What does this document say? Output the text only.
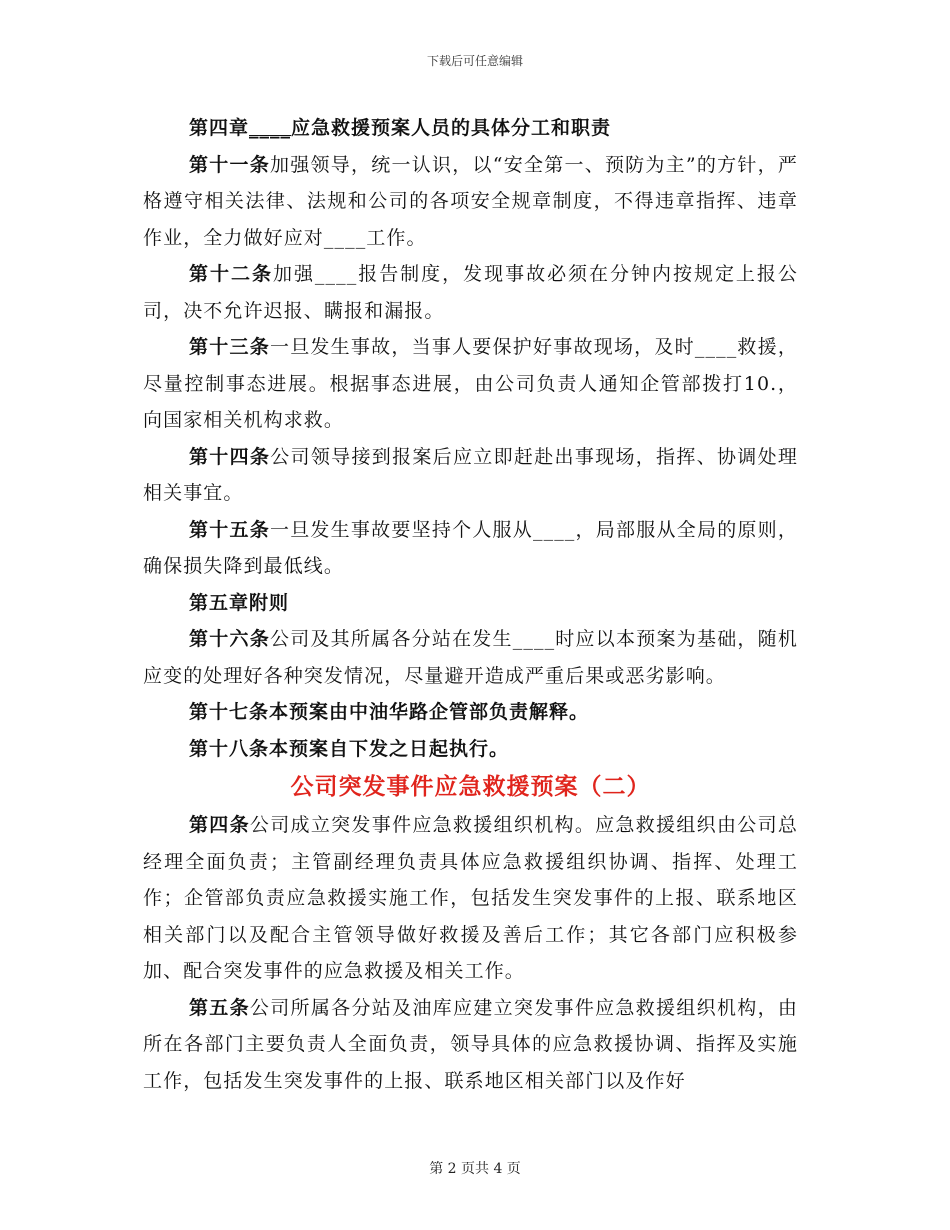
下载后可任意编辑

第四章____应急救援预案人员的具体分工和职责

第十一条加强领导，统一认识，以“安全第一、预防为主”的方针，严格遵守相关法律、法规和公司的各项安全规章制度，不得违章指挥、违章作业，全力做好应对____工作。

第十二条加强____报告制度，发现事故必须在分钟内按规定上报公司，决不允许迟报、瞒报和漏报。

第十三条一旦发生事故，当事人要保护好事故现场，及时____救援，尽量控制事态进展。根据事态进展，由公司负责人通知企管部拨打10.，向国家相关机构求救。

第十四条公司领导接到报案后应立即赶赴出事现场，指挥、协调处理相关事宜。

第十五条一旦发生事故要坚持个人服从____，局部服从全局的原则，确保损失降到最低线。

第五章附则

第十六条公司及其所属各分站在发生____时应以本预案为基础，随机应变的处理好各种突发情况，尽量避开造成严重后果或恶劣影响。

第十七条本预案由中油华路企管部负责解释。

第十八条本预案自下发之日起执行。

公司突发事件应急救援预案（二）

第四条公司成立突发事件应急救援组织机构。应急救援组织由公司总经理全面负责；主管副经理负责具体应急救援组织协调、指挥、处理工作；企管部负责应急救援实施工作，包括发生突发事件的上报、联系地区相关部门以及配合主管领导做好救援及善后工作；其它各部门应积极参加、配合突发事件的应急救援及相关工作。

第五条公司所属各分站及油库应建立突发事件应急救援组织机构，由所在各部门主要负责人全面负责，领导具体的应急救援协调、指挥及实施工作，包括发生突发事件的上报、联系地区相关部门以及作好

第 2 页共 4 页
